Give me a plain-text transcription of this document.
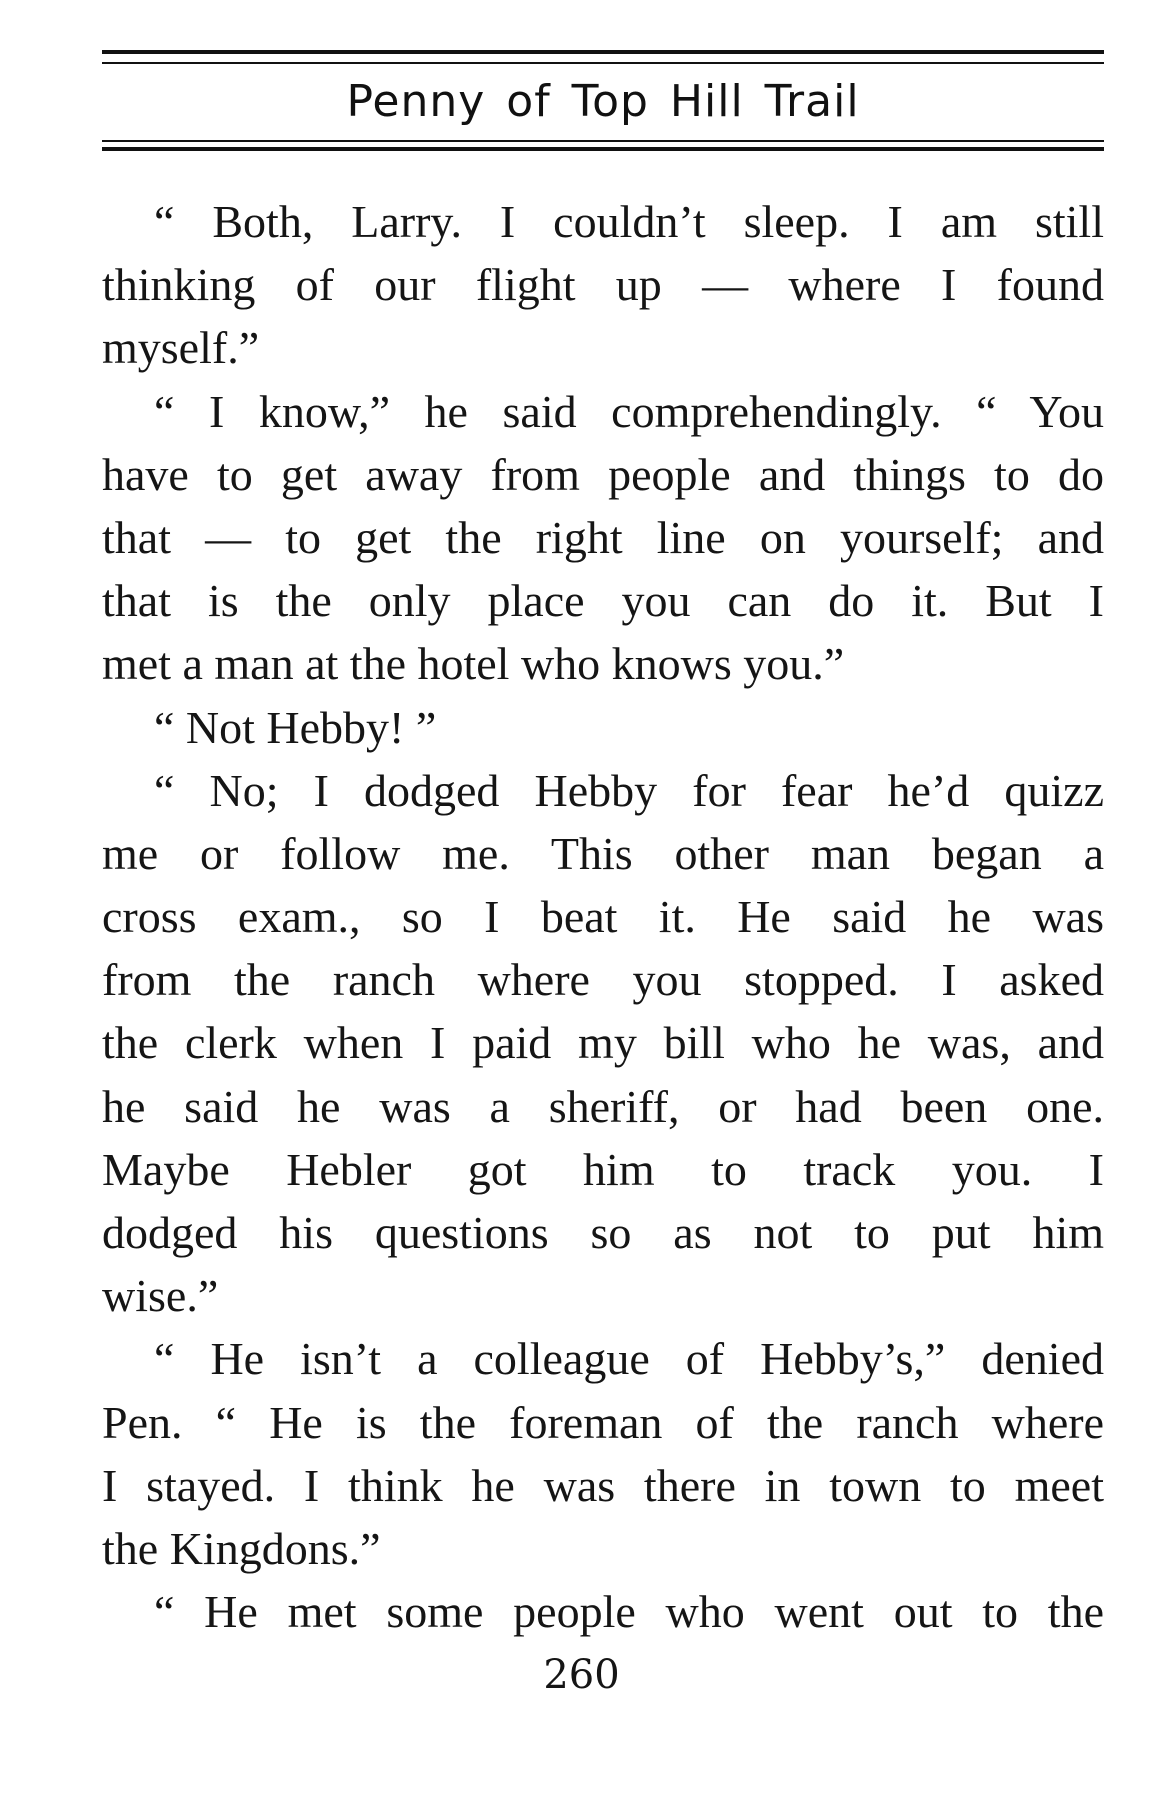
Penny of Top Hill Trail
“ Both, Larry. I couldn’t sleep. I am still
thinking of our flight up — where I found
myself.”
“ I know,” he said comprehendingly. “ You
have to get away from people and things to do
that — to get the right line on yourself; and
that is the only place you can do it. But I
met a man at the hotel who knows you.”
“ Not Hebby! ”
“ No; I dodged Hebby for fear he’d quizz
me or follow me. This other man began a
cross exam., so I beat it. He said he was
from the ranch where you stopped. I asked
the clerk when I paid my bill who he was, and
he said he was a sheriff, or had been one.
Maybe Hebler got him to track you. I
dodged his questions so as not to put him
wise.”
“ He isn’t a colleague of Hebby’s,” denied
Pen. “ He is the foreman of the ranch where
I stayed. I think he was there in town to meet
the Kingdons.”
“ He met some people who went out to the
260
